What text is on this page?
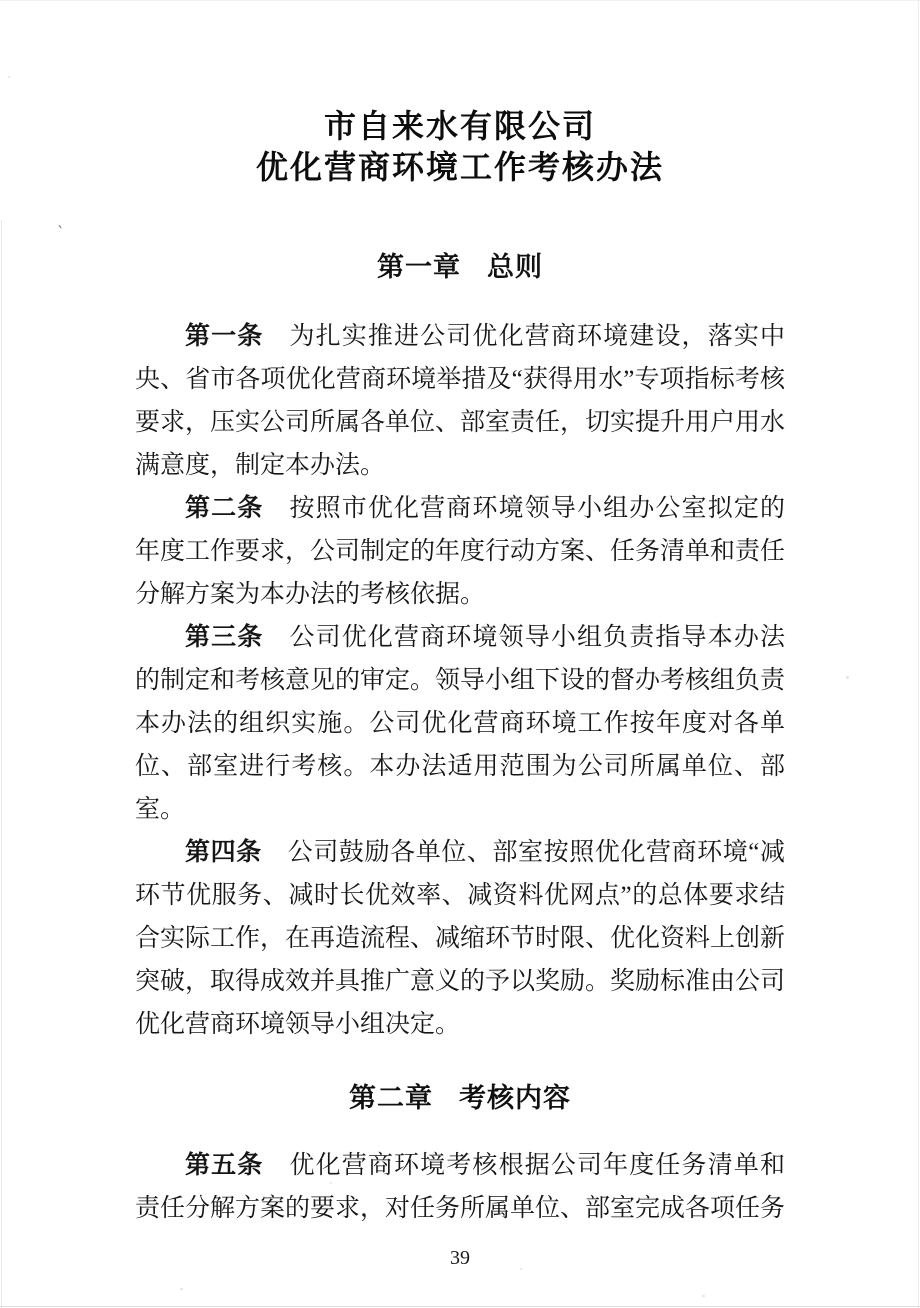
ˋ
市自来水有限公司
优化营商环境工作考核办法
第一章 总则

第一条 为扎实推进公司优化营商环境建设，落实中央、省市各项优化营商环境举措及“获得用水”专项指标考核要求，压实公司所属各单位、部室责任，切实提升用户用水满意度，制定本办法。

第二条 按照市优化营商环境领导小组办公室拟定的年度工作要求，公司制定的年度行动方案、任务清单和责任分解方案为本办法的考核依据。

第三条 公司优化营商环境领导小组负责指导本办法的制定和考核意见的审定。领导小组下设的督办考核组负责本办法的组织实施。公司优化营商环境工作按年度对各单位、部室进行考核。本办法适用范围为公司所属单位、部室。

第四条 公司鼓励各单位、部室按照优化营商环境“减环节优服务、减时长优效率、减资料优网点”的总体要求结合实际工作，在再造流程、减缩环节时限、优化资料上创新突破，取得成效并具推广意义的予以奖励。奖励标准由公司优化营商环境领导小组决定。

第二章 考核内容

第五条 优化营商环境考核根据公司年度任务清单和责任分解方案的要求，对任务所属单位、部室完成各项任务

39
